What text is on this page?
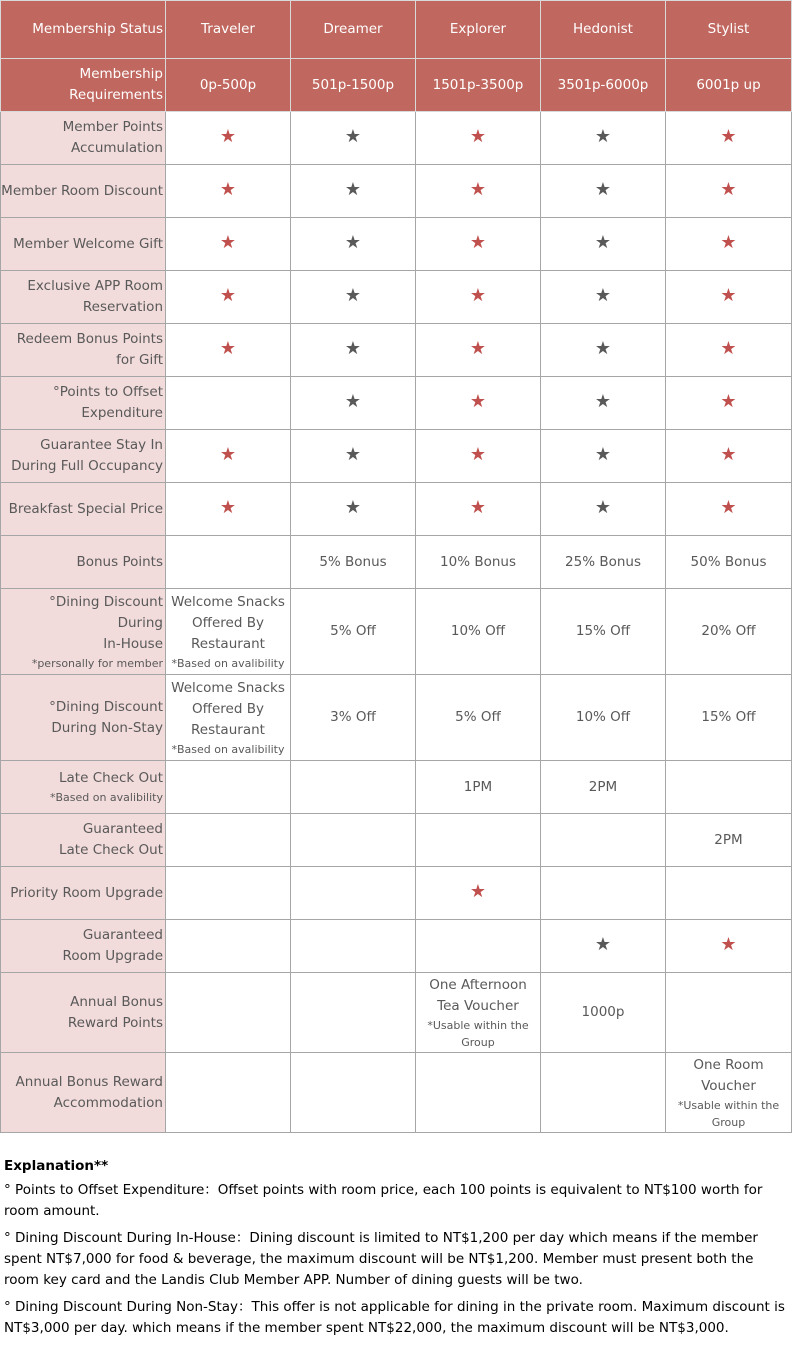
Membership Status	Traveler	Dreamer	Explorer	Hedonist	Stylist

Membership
Requirements	0p-500p	501p-1500p	1501p-3500p	3501p-6000p	6001p up

Member Points
Accumulation	★	★	★	★	★
Member Room Discount	★	★	★	★	★
Member Welcome Gift	★	★	★	★	★

Exclusive APP Room
Reservation	★	★	★	★	★

Redeem Bonus Points
for Gift	★	★	★	★	★

°Points to Offset
Expenditure		★	★	★	★

Guarantee Stay In
During Full Occupancy	★	★	★	★	★
Breakfast Special Price	★	★	★	★	★
Bonus Points		5% Bonus	10% Bonus	25% Bonus	50% Bonus

°Dining Discount During
In-House
*personally for member	Welcome Snacks
Offered By
Restaurant
*Based on avalibility	5% Off	10% Off	15% Off	20% Off

°Dining Discount
During Non-Stay	Welcome Snacks
Offered By
Restaurant
*Based on avalibility	3% Off	5% Off	10% Off	15% Off

Late Check Out
*Based on avalibility			1PM	2PM	

Guaranteed
Late Check Out					2PM
Priority Room Upgrade			★		

Guaranteed
Room Upgrade				★	★

Annual Bonus
Reward Points			One Afternoon
Tea Voucher
*Usable within the
Group	1000p	

Annual Bonus Reward
Accommodation					One Room
Voucher
*Usable within the
Group
Explanation**

° Points to Offset Expenditure：Offset points with room price, each 100 points is equivalent to NT$100 worth for room amount.

° Dining Discount During In-House：Dining discount is limited to NT$1,200 per day which means if the member spent NT$7,000 for food & beverage, the maximum discount will be NT$1,200. Member must present both the room key card and the Landis Club Member APP. Number of dining guests will be two.

° Dining Discount During Non-Stay：This offer is not applicable for dining in the private room. Maximum discount is NT$3,000 per day. which means if the member spent NT$22,000, the maximum discount will be NT$3,000.
